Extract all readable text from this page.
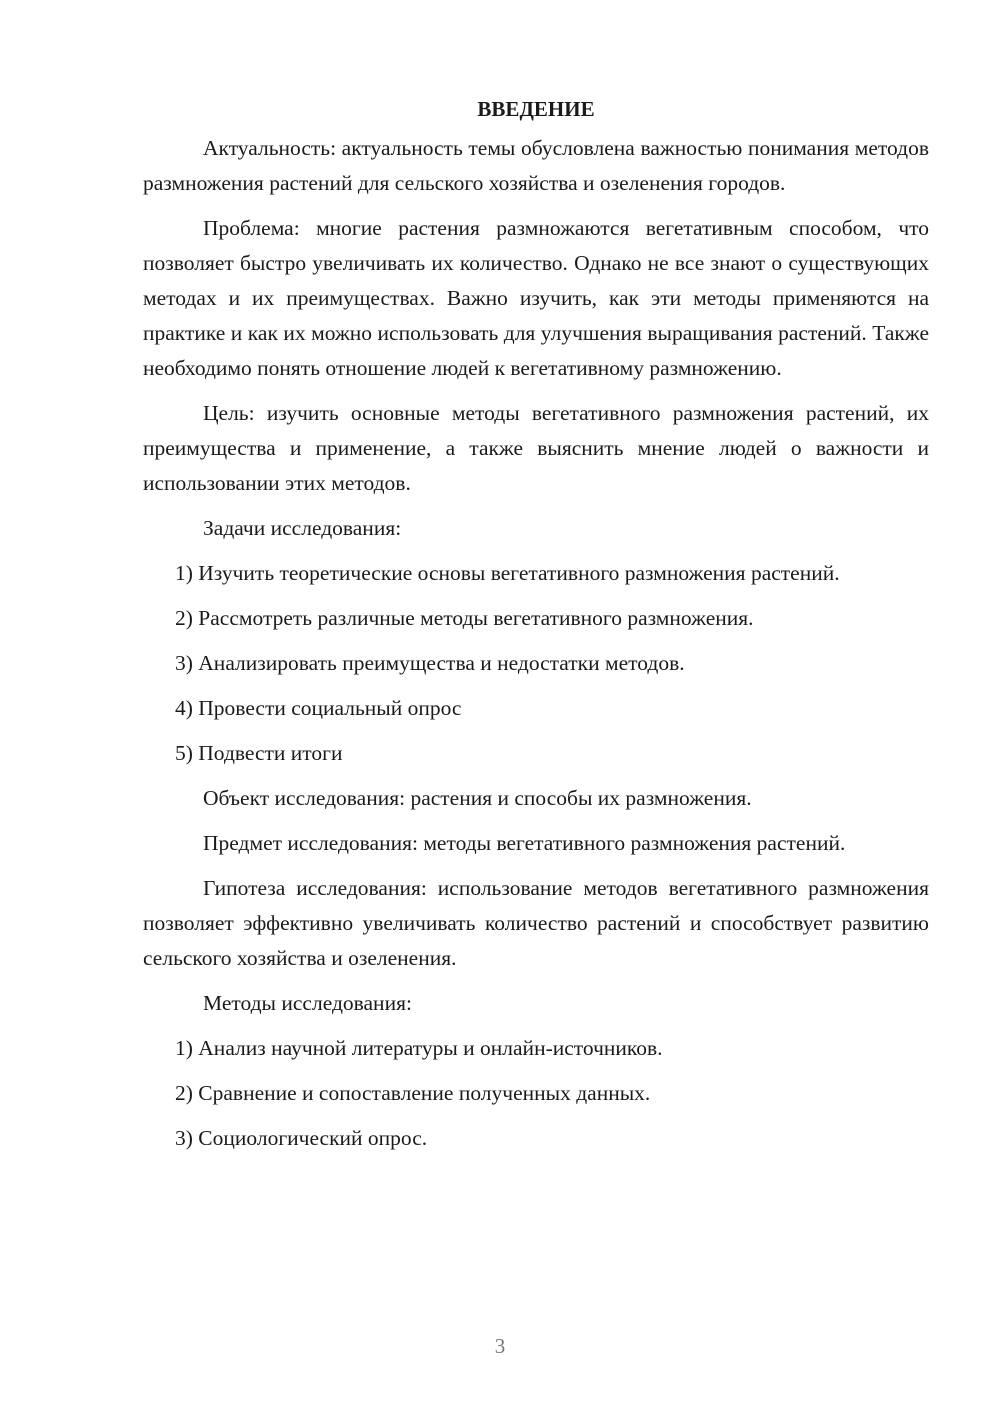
ВВЕДЕНИЕ

Актуальность: актуальность темы обусловлена важностью понимания методов размножения растений для сельского хозяйства и озеленения городов.

Проблема: многие растения размножаются вегетативным способом, что позволяет быстро увеличивать их количество. Однако не все знают о существующих методах и их преимуществах. Важно изучить, как эти методы применяются на практике и как их можно использовать для улучшения выращивания растений. Также необходимо понять отношение людей к вегетативному размножению.

Цель: изучить основные методы вегетативного размножения растений, их преимущества и применение, а также выяснить мнение людей о важности и использовании этих методов.

Задачи исследования:

1) Изучить теоретические основы вегетативного размножения растений.

2) Рассмотреть различные методы вегетативного размножения.

3) Анализировать преимущества и недостатки методов.

4) Провести социальный опрос

5) Подвести итоги

Объект исследования: растения и способы их размножения.

Предмет исследования: методы вегетативного размножения растений.

Гипотеза исследования: использование методов вегетативного размножения позволяет эффективно увеличивать количество растений и способствует развитию сельского хозяйства и озеленения.

Методы исследования:

1) Анализ научной литературы и онлайн-источников.

2) Сравнение и сопоставление полученных данных.

3) Социологический опрос.

3
